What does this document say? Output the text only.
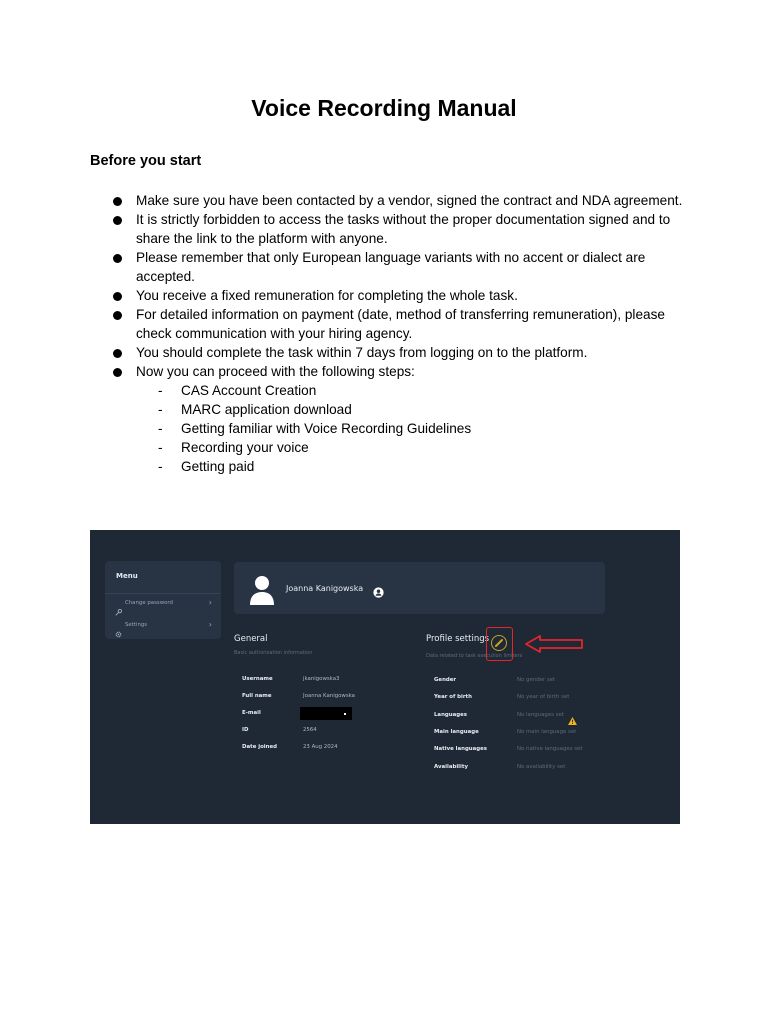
Voice Recording Manual
Before you start
Make sure you have been contacted by a vendor, signed the contract and NDA agreement.
It is strictly forbidden to access the tasks without the proper documentation signed and to share the link to the platform with anyone.
Please remember that only European language variants with no accent or dialect are accepted.
You receive a fixed remuneration for completing the whole task.
For detailed information on payment (date, method of transferring remuneration), please check communication with your hiring agency.
You should complete the task within 7 days from logging on to the platform.
Now you can proceed with the following steps:
- CAS Account Creation
- MARC application download
- Getting familiar with Voice Recording Guidelines
- Recording your voice
- Getting paid
Menu
Change password	›
Settings	›
Joanna Kanigowska
General
Basic authorization information
Username	jkanigowska3
Full name	Joanna Kanigowska
E-mail
ID	2564
Date joined	23 Aug 2024
Profile settings
Data related to task execution limiters
Gender	No gender set
Year of birth	No year of birth set
Languages	No languages set
Main language	No main language set
Native languages	No native languages set
Availability	No availability set
